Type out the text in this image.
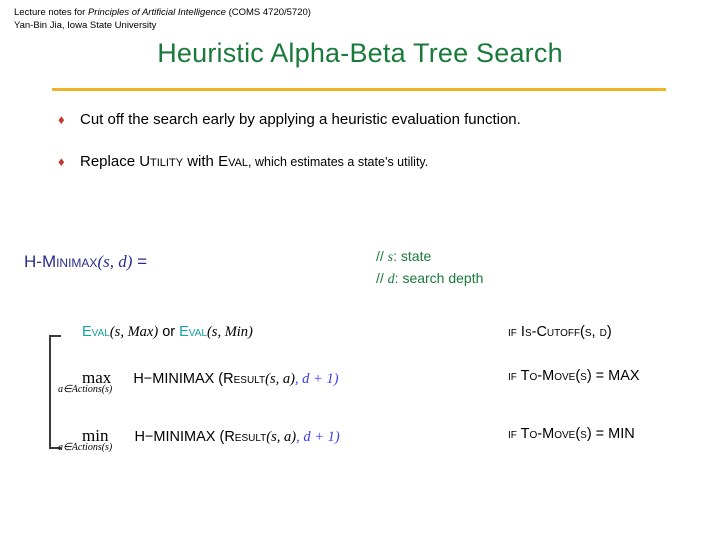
Lecture notes for Principles of Artificial Intelligence (COMS 4720/5720)
Yan-Bin Jia, Iowa State University
Heuristic Alpha-Beta Tree Search
♦ Cut off the search early by applying a heuristic evaluation function.
♦ Replace Utility with Eval, which estimates a state’s utility.
H-Minimax(s, d) =	// s: state
// d: search depth
Eval(s, Max) or Eval(s, Min)	if Is-Cutoff(s, d)
max
a∈Actions(s)
H−MINIMAX (Result(s, a), d + 1)	if To-Move(s) = MAX
min
a∈Actions(s)
H−MINIMAX (Result(s, a), d + 1)	if To-Move(s) = MIN
